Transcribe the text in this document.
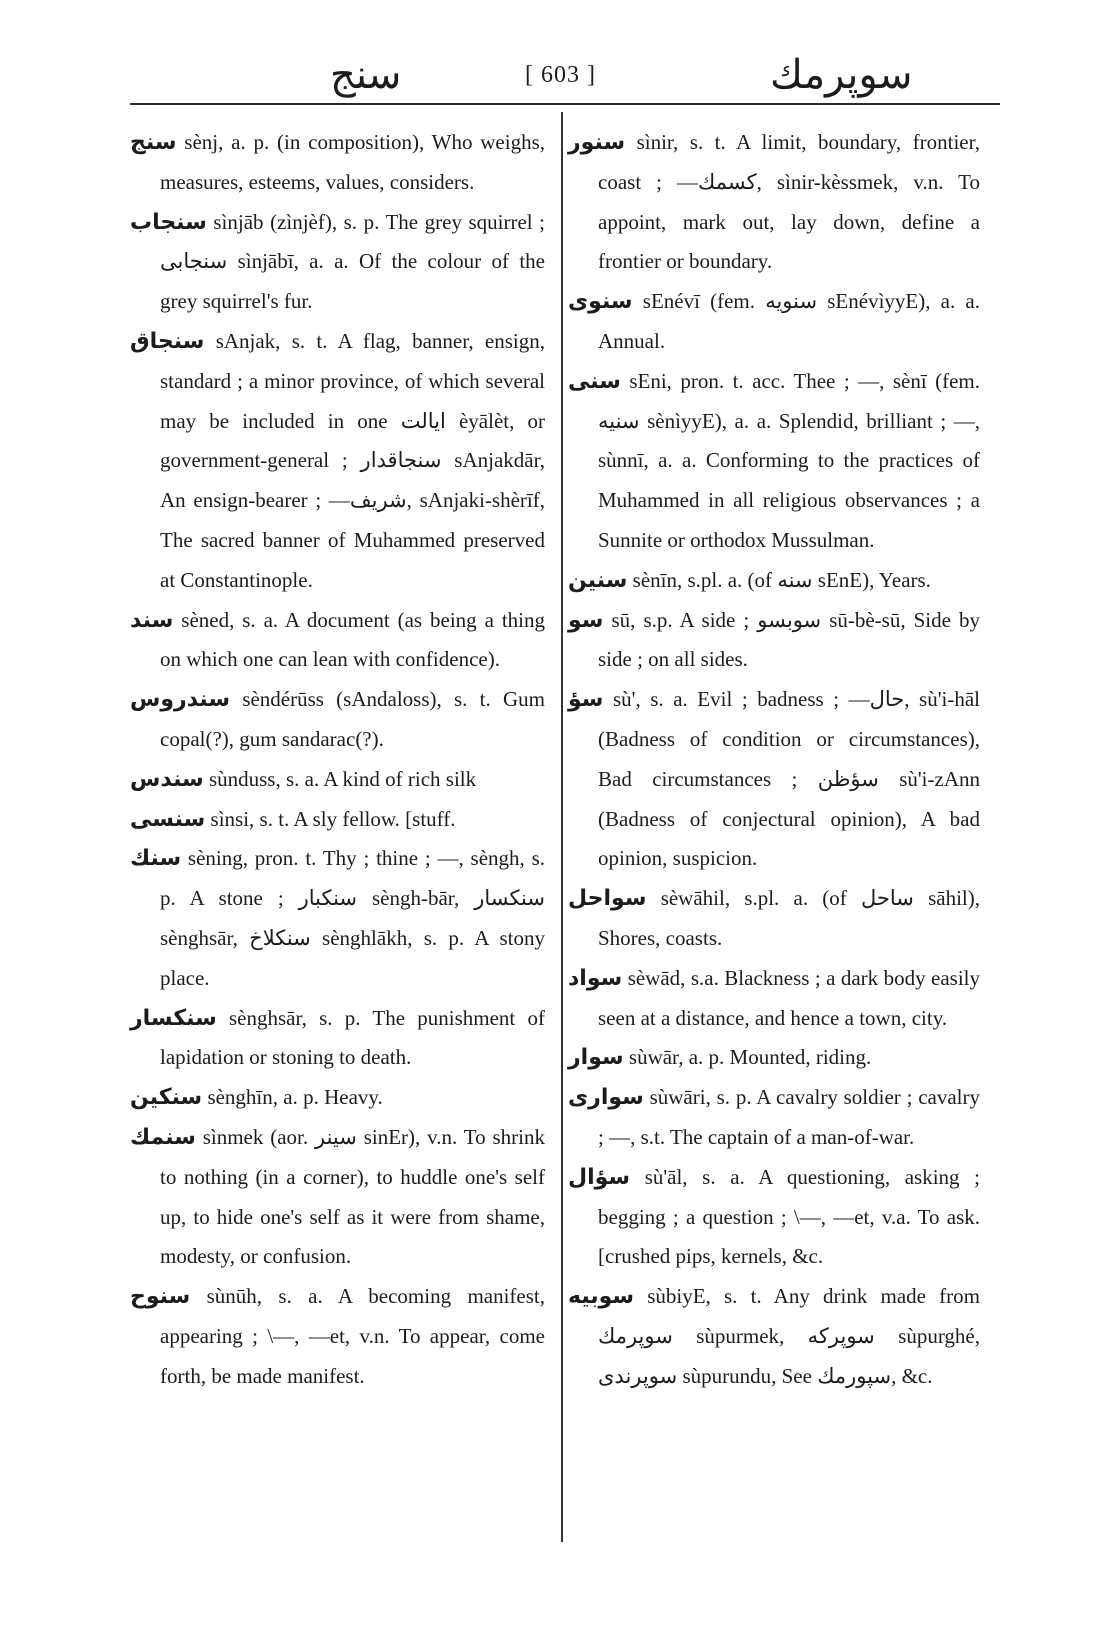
سنج	[ 603 ]	سوپرمك

سنج sènj, a. p. (in composition), Who weighs, measures, esteems, values, considers.

سنجاب sìnjāb (zìnjèf), s. p. The grey squirrel ; سنجابى sìnjābī, a. a. Of the colour of the grey squirrel's fur.

سنجاق sAnjak, s. t. A flag, banner, ensign, standard ; a minor province, of which several may be included in one ايالت èyālèt, or government-general ; سنجاقدار sAnjakdār, An ensign-bearer ; —شريف, sAnjaki-shèrīf, The sacred banner of Muhammed preserved at Constantinople.

سند sèned, s. a. A document (as being a thing on which one can lean with confidence).

سندروس sèndérūss (sAndaloss), s. t. Gum copal(?), gum sandarac(?).

سندس sùnduss, s. a. A kind of rich silk

سنسى sìnsi, s. t. A sly fellow. [stuff.

سنك sèning, pron. t. Thy ; thine ; —, sèngh, s. p. A stone ; سنكبار sèngh-bār, سنكسار sènghsār, سنكلاخ sènghlākh, s. p. A stony place.

سنكسار sènghsār, s. p. The punishment of lapidation or stoning to death.

سنكين sènghīn, a. p. Heavy.

سنمك sìnmek (aor. سينر sinEr), v.n. To shrink to nothing (in a corner), to huddle one's self up, to hide one's self as it were from shame, modesty, or confusion.

سنوح sùnūh, s. a. A becoming manifest, appearing ; \—, —et, v.n. To appear, come forth, be made manifest.

سنور sìnir, s. t. A limit, boundary, frontier, coast ; —كسمك, sìnir-kèssmek, v.n. To appoint, mark out, lay down, define a frontier or boundary.

سنوى sEnévī (fem. سنويه sEnévìyyE), a. a. Annual.

سنى sEni, pron. t. acc. Thee ; —, sènī (fem. سنيه sènìyyE), a. a. Splendid, brilliant ; —, sùnnī, a. a. Conforming to the practices of Muhammed in all religious observances ; a Sunnite or orthodox Mussulman.

سنين sènīn, s.pl. a. (of سنه sEnE), Years.

سو sū, s.p. A side ; سوبسو sū-bè-sū, Side by side ; on all sides.

سؤ sù', s. a. Evil ; badness ; —حال, sù'i-hāl (Badness of condition or circumstances), Bad circumstances ; سؤظن sù'i-zAnn (Badness of conjectural opinion), A bad opinion, suspicion.

سواحل sèwāhil, s.pl. a. (of ساحل sāhil), Shores, coasts.

سواد sèwād, s.a. Blackness ; a dark body easily seen at a distance, and hence a town, city.

سوار sùwār, a. p. Mounted, riding.

سوارى sùwāri, s. p. A cavalry soldier ; cavalry ; —, s.t. The captain of a man-of-war.

سؤال sù'āl, s. a. A questioning, asking ; begging ; a question ; \—, —et, v.a. To ask. [crushed pips, kernels, &c.

سوبيه sùbiyE, s. t. Any drink made from سوپرمك sùpurmek, سوپركه sùpurghé, سوپرندى sùpurundu, See سپورمك, &c.
